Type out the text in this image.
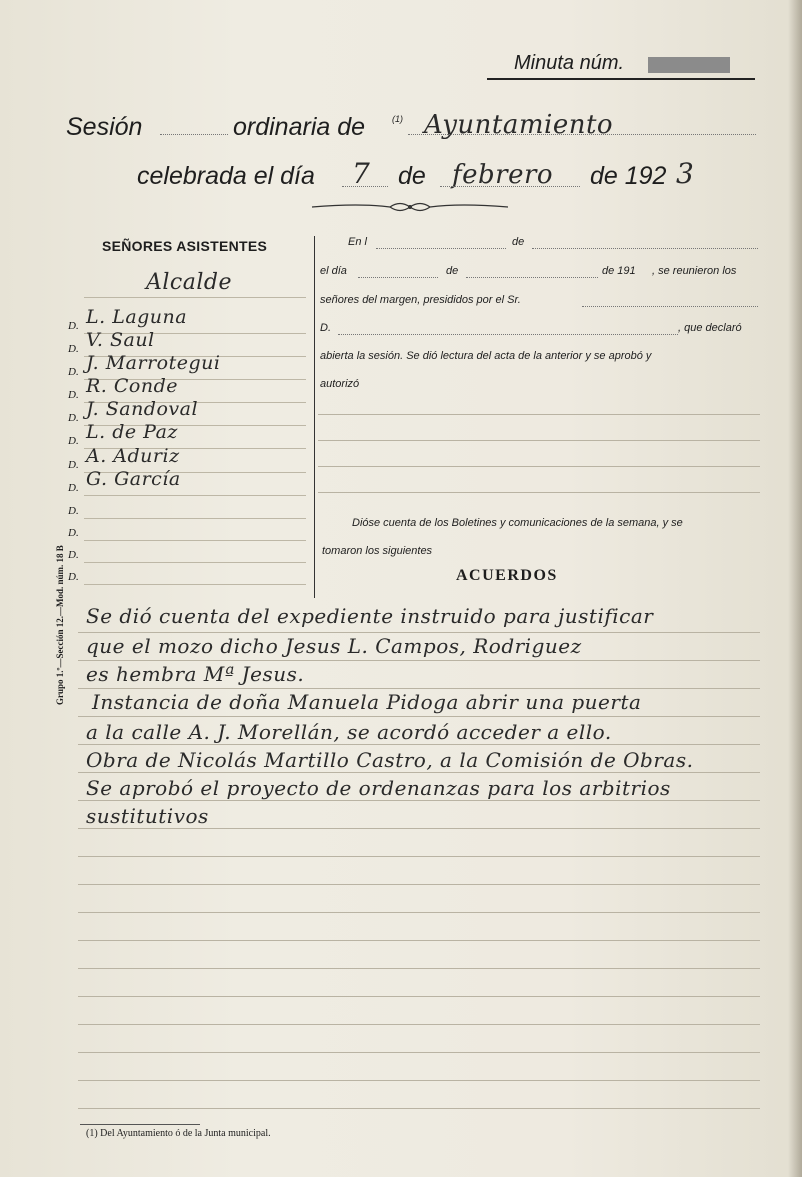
Minuta núm.
Sesión	ordinaria de	(1) Ayuntamiento
celebrada el día 7 de febrero de 192 3
SEÑORES ASISTENTES
Alcalde
D. L. Laguna
D. V. Saul
D. J. Marrotegui
D. R. Conde
D. J. Sandoval
D. L. de Paz
D. A. Aduriz
D. G. García
D.
D.
D.
D.
Grupo 1.º—Sección 12.—Mod. núm. 18 B
En l	de
el día	de	de 191 , se reunieron los
señores del margen, presididos por el Sr.
D.	, que declaró
abierta la sesión. Se dió lectura del acta de la anterior y se aprobó y
autorizó
Dióse cuenta de los Boletines y comunicaciones de la semana, y se
tomaron los siguientes
ACUERDOS
Se dió cuenta del expediente instruido para justificar
que el mozo dicho Jesus L. Campos, Rodriguez
es hembra Mª Jesus.
Instancia de doña Manuela Pidoga abrir una puerta
a la calle A. J. Morellán, se acordó acceder a ello.
Obra de Nicolás Martillo Castro, a la Comisión de Obras.
Se aprobó el proyecto de ordenanzas para los arbitrios
sustitutivos
(1) Del Ayuntamiento ó de la Junta municipal.
